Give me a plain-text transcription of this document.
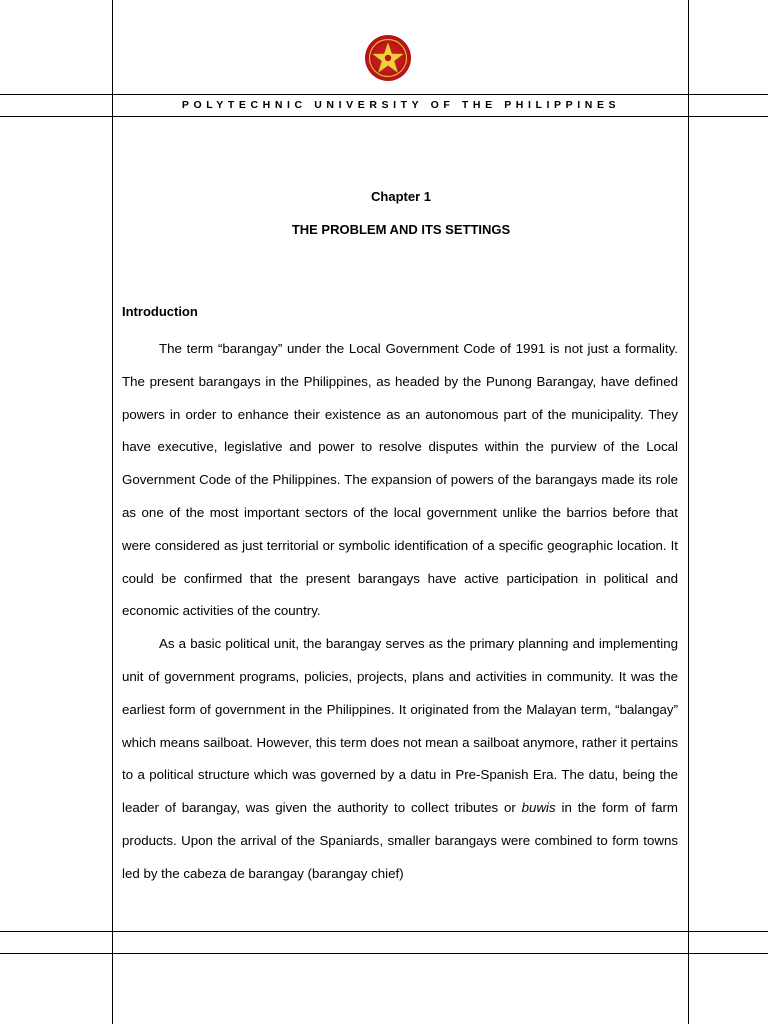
POLYTECHNIC UNIVERSITY OF THE PHILIPPINES
Chapter 1
THE PROBLEM AND ITS SETTINGS
Introduction

The term “barangay” under the Local Government Code of 1991 is not just a formality. The present barangays in the Philippines, as headed by the Punong Barangay, have defined powers in order to enhance their existence as an autonomous part of the municipality. They have executive, legislative and power to resolve disputes within the purview of the Local Government Code of the Philippines. The expansion of powers of the barangays made its role as one of the most important sectors of the local government unlike the barrios before that were considered as just territorial or symbolic identification of a specific geographic location. It could be confirmed that the present barangays have active participation in political and economic activities of the country.

As a basic political unit, the barangay serves as the primary planning and implementing unit of government programs, policies, projects, plans and activities in community. It was the earliest form of government in the Philippines. It originated from the Malayan term, “balangay” which means sailboat. However, this term does not mean a sailboat anymore, rather it pertains to a political structure which was governed by a datu in Pre-Spanish Era. The datu, being the leader of barangay, was given the authority to collect tributes or buwis in the form of farm products. Upon the arrival of the Spaniards, smaller barangays were combined to form towns led by the cabeza de barangay (barangay chief)
